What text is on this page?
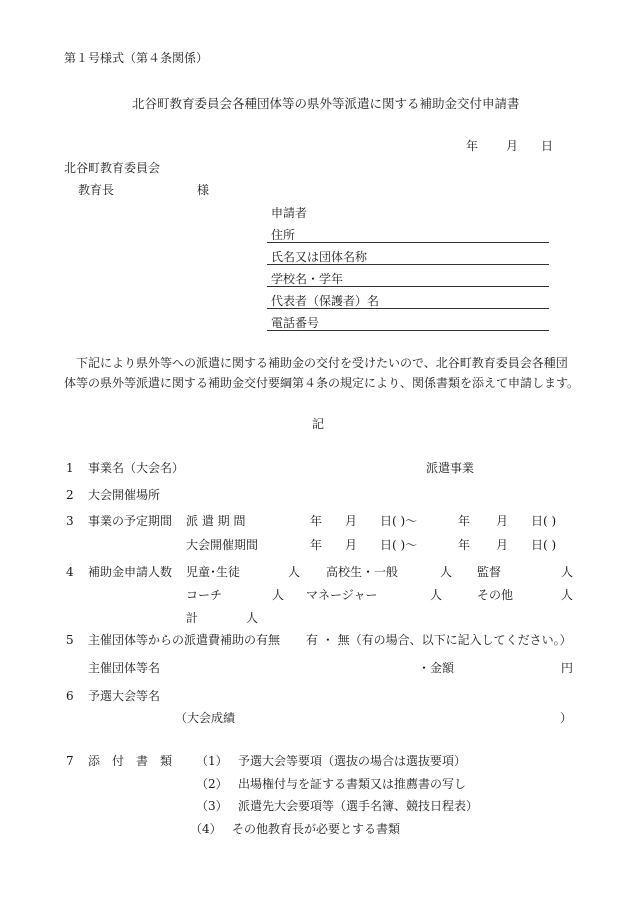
第１号様式（第４条関係）
北谷町教育委員会各種団体等の県外等派遣に関する補助金交付申請書
年 月 日
北谷町教育委員会
教育長	様
申請者
住所
氏名又は団体名称
学校名・学年
代表者（保護者）名
電話番号
下記により県外等への派遣に関する補助金の交付を受けたいので、北谷町教育委員会各種団
体等の県外等派遣に関する補助金交付要綱第４条の規定により、関係書類を添えて申請します。
記
1 事業名（大会名）	派遣事業
2 大会開催場所
3 事業の予定期間 派 遣 期 間	年 月 日( )～	年 月 日( )
大会開催期間	年 月 日( )～	年 月 日( )
4 補助金申請人数 児童･生徒	人 高校生・一般	人 監督	人
コーチ	人 マネージャー	人	その他	人
計	人
5 主催団体等からの派遣費補助の有無 有 ・ 無（有の場合、以下に記入してください。）
主催団体等名	・金額	円
6 予選大会等名
（大会成績	）
7 添　付　書　類 （1） 予選大会等要項（選抜の場合は選抜要項）
（2） 出場権付与を証する書類又は推薦書の写し
（3） 派遣先大会要項等（選手名簿、競技日程表）
（4） その他教育長が必要とする書類
